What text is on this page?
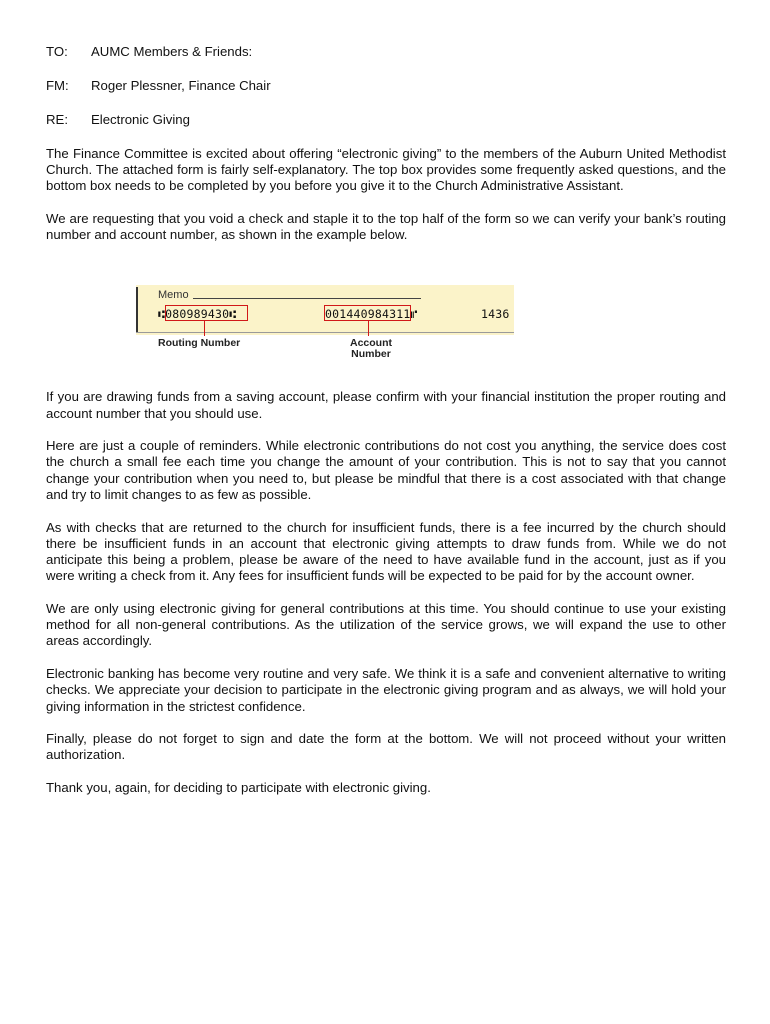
TO:	AUMC Members & Friends:
FM:	Roger Plessner, Finance Chair
RE:	Electronic Giving

The Finance Committee is excited about offering “electronic giving” to the members of the Auburn United Methodist Church. The attached form is fairly self-explanatory. The top box provides some frequently asked questions, and the bottom box needs to be completed by you before you give it to the Church Administrative Assistant.

We are requesting that you void a check and staple it to the top half of the form so we can verify your bank’s routing number and account number, as shown in the example below.

Memo
⑆080989430⑆	001440984311⑈	1436
Routing Number	Account
Number

If you are drawing funds from a saving account, please confirm with your financial institution the proper routing and account number that you should use.

Here are just a couple of reminders. While electronic contributions do not cost you anything, the service does cost the church a small fee each time you change the amount of your contribution. This is not to say that you cannot change your contribution when you need to, but please be mindful that there is a cost associated with that change and try to limit changes to as few as possible.

As with checks that are returned to the church for insufficient funds, there is a fee incurred by the church should there be insufficient funds in an account that electronic giving attempts to draw funds from. While we do not anticipate this being a problem, please be aware of the need to have available fund in the account, just as if you were writing a check from it. Any fees for insufficient funds will be expected to be paid for by the account owner.

We are only using electronic giving for general contributions at this time. You should continue to use your existing method for all non-general contributions. As the utilization of the service grows, we will expand the use to other areas accordingly.

Electronic banking has become very routine and very safe. We think it is a safe and convenient alternative to writing checks. We appreciate your decision to participate in the electronic giving program and as always, we will hold your giving information in the strictest confidence.

Finally, please do not forget to sign and date the form at the bottom. We will not proceed without your written authorization.

Thank you, again, for deciding to participate with electronic giving.
